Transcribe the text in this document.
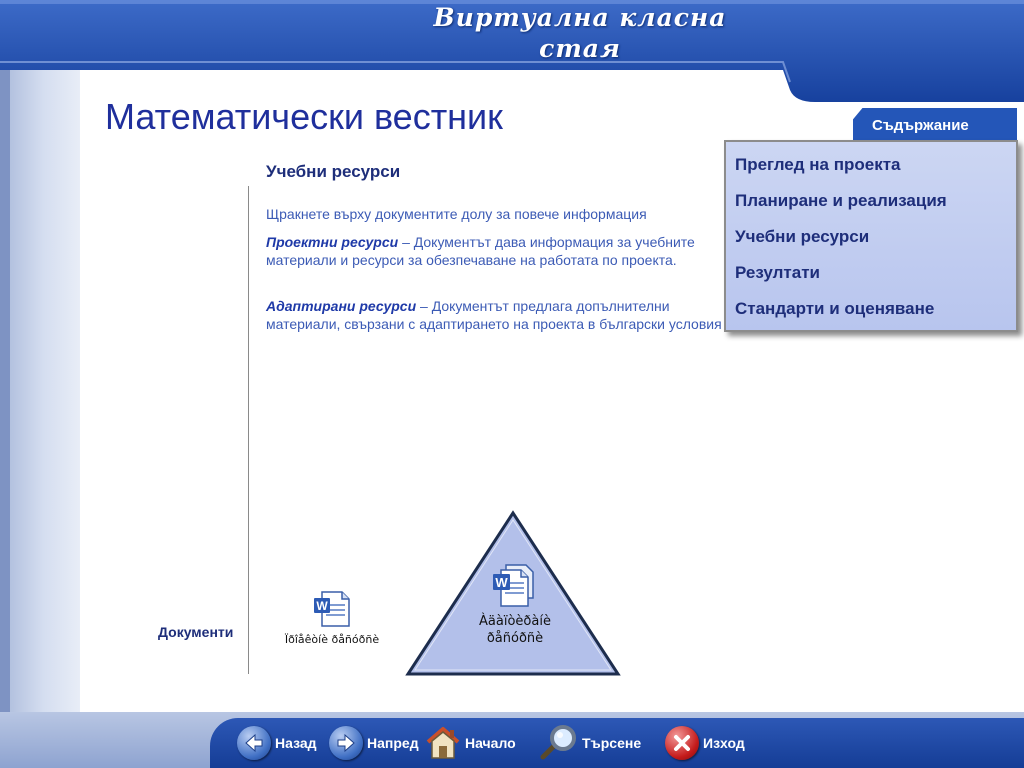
Виртуална класна
стая
Математически вестник
Учебни ресурси
Щракнете върху документите долу за повече информация
Проектни ресурси – Документът дава информация за учебните материали и ресурси за обезпечаване на работата по проекта.
Адаптирани ресурси – Документът предлага допълнителни материали, свързани с адаптирането на проекта в български условия
Документи
W
Ïðîåêòíè ðåñóðñè
W
Àäàïòèðàíè
ðåñóðñè
Съдържание
Преглед на проекта
Планиране и реализация
Учебни ресурси
Резултати
Стандарти и оценяване
Назад	Напред	Начало	Търсене	Изход
